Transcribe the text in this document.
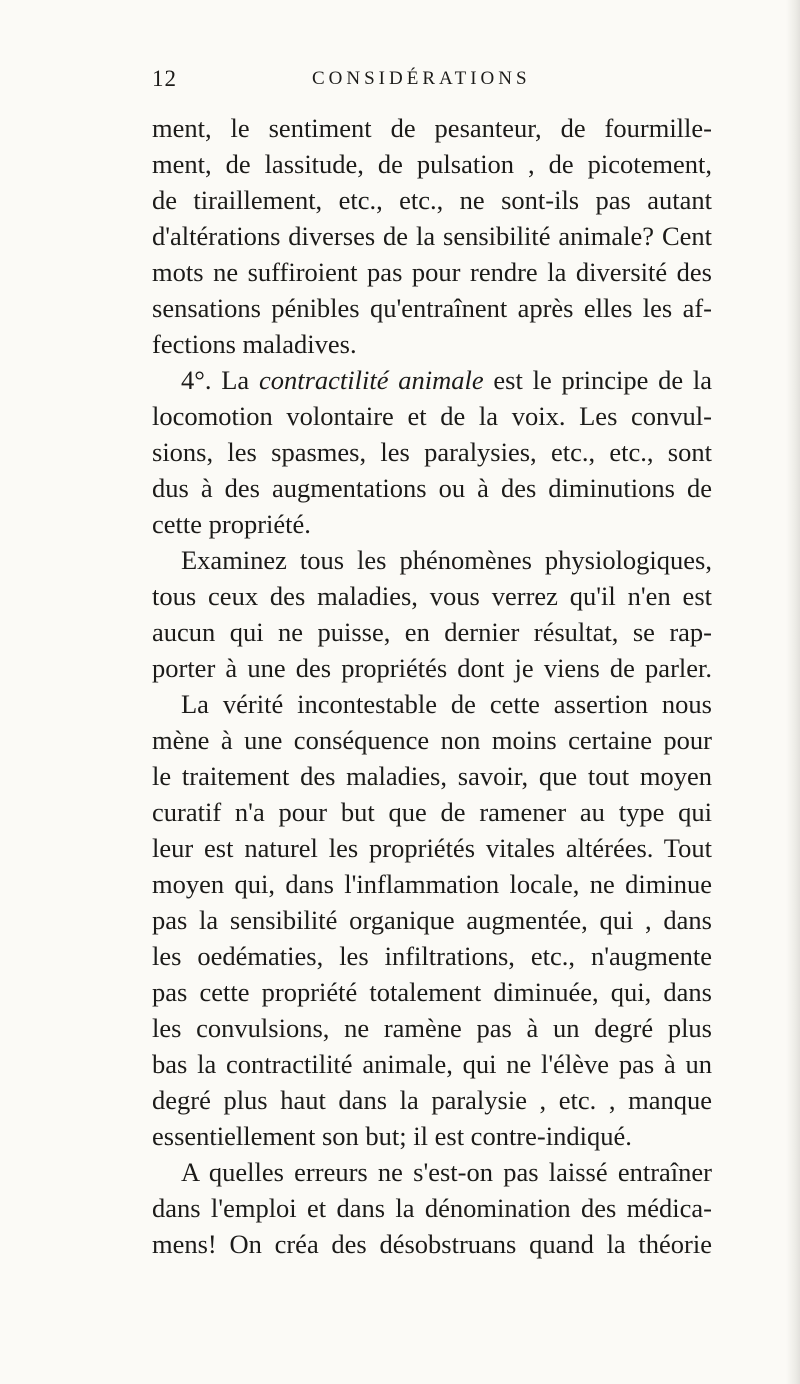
12	CONSIDÉRATIONS
ment, le sentiment de pesanteur, de fourmille-
ment, de lassitude, de pulsation , de picotement,
de tiraillement, etc., etc., ne sont-ils pas autant
d'altérations diverses de la sensibilité animale? Cent
mots ne suffiroient pas pour rendre la diversité des
sensations pénibles qu'entraînent après elles les af-
fections maladives.
4°. La contractilité animale est le principe de la
locomotion volontaire et de la voix. Les convul-
sions, les spasmes, les paralysies, etc., etc., sont
dus à des augmentations ou à des diminutions de
cette propriété.
Examinez tous les phénomènes physiologiques,
tous ceux des maladies, vous verrez qu'il n'en est
aucun qui ne puisse, en dernier résultat, se rap-
porter à une des propriétés dont je viens de parler.
La vérité incontestable de cette assertion nous
mène à une conséquence non moins certaine pour
le traitement des maladies, savoir, que tout moyen
curatif n'a pour but que de ramener au type qui
leur est naturel les propriétés vitales altérées. Tout
moyen qui, dans l'inflammation locale, ne diminue
pas la sensibilité organique augmentée, qui , dans
les oedématies, les infiltrations, etc., n'augmente
pas cette propriété totalement diminuée, qui, dans
les convulsions, ne ramène pas à un degré plus
bas la contractilité animale, qui ne l'élève pas à un
degré plus haut dans la paralysie , etc. , manque
essentiellement son but; il est contre-indiqué.
A quelles erreurs ne s'est-on pas laissé entraîner
dans l'emploi et dans la dénomination des médica-
mens! On créa des désobstruans quand la théorie
